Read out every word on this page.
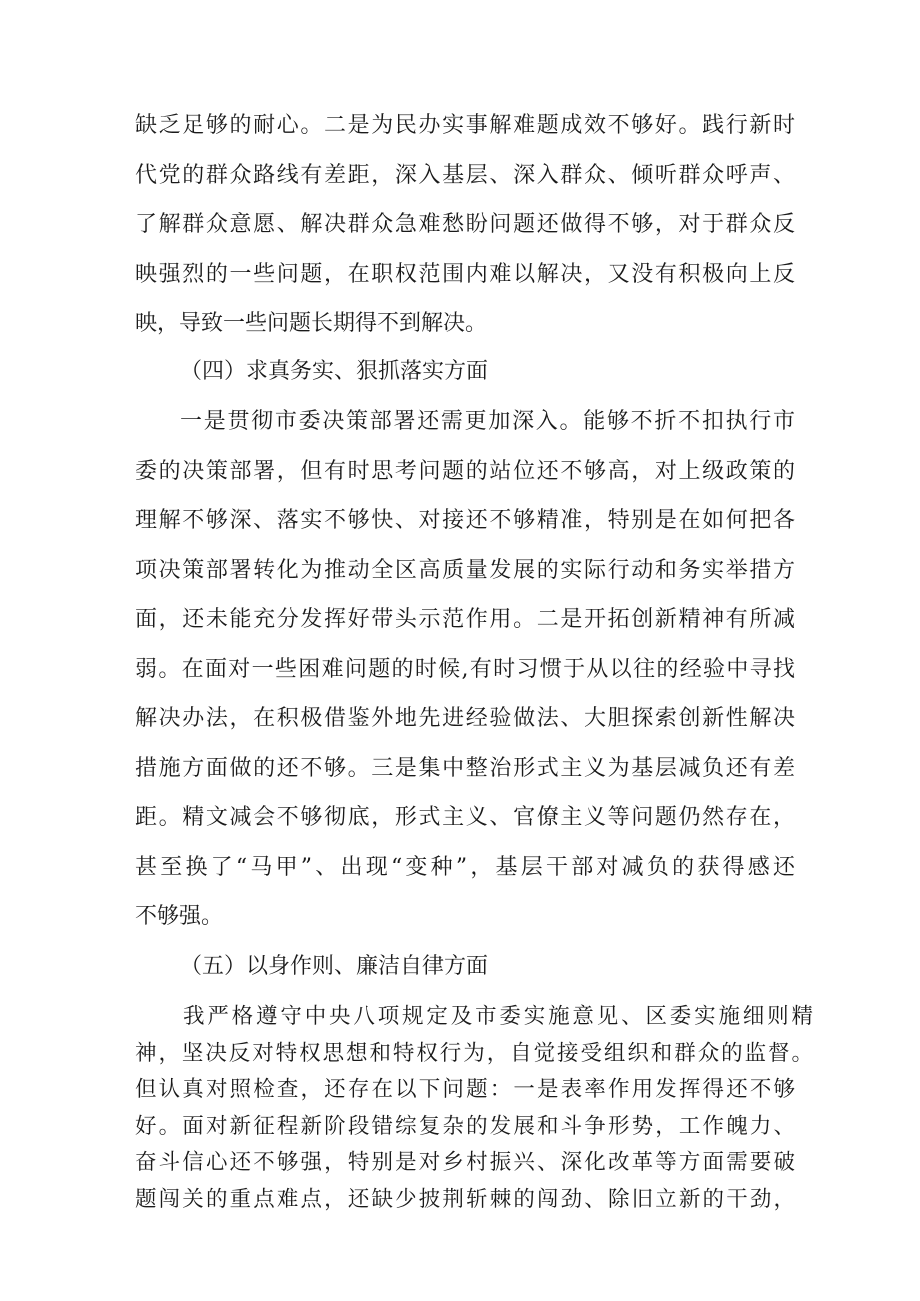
缺乏足够的耐心。二是为民办实事解难题成效不够好。践行新时
代党的群众路线有差距，深入基层、深入群众、倾听群众呼声、
了解群众意愿、解决群众急难愁盼问题还做得不够，对于群众反
映强烈的一些问题，在职权范围内难以解决，又没有积极向上反
映，导致一些问题长期得不到解决。
（四）求真务实、狠抓落实方面
一是贯彻市委决策部署还需更加深入。能够不折不扣执行市
委的决策部署，但有时思考问题的站位还不够高，对上级政策的
理解不够深、落实不够快、对接还不够精准，特别是在如何把各
项决策部署转化为推动全区高质量发展的实际行动和务实举措方
面，还未能充分发挥好带头示范作用。二是开拓创新精神有所减
弱。在面对一些困难问题的时候,有时习惯于从以往的经验中寻找
解决办法，在积极借鉴外地先进经验做法、大胆探索创新性解决
措施方面做的还不够。三是集中整治形式主义为基层减负还有差
距。精文减会不够彻底，形式主义、官僚主义等问题仍然存在，
甚至换了“马甲”、出现“变种”，基层干部对减负的获得感还
不够强。
（五）以身作则、廉洁自律方面
我严格遵守中央八项规定及市委实施意见、区委实施细则精
神，坚决反对特权思想和特权行为，自觉接受组织和群众的监督。
但认真对照检查，还存在以下问题：一是表率作用发挥得还不够
好。面对新征程新阶段错综复杂的发展和斗争形势，工作魄力、
奋斗信心还不够强，特别是对乡村振兴、深化改革等方面需要破
题闯关的重点难点，还缺少披荆斩棘的闯劲、除旧立新的干劲，
